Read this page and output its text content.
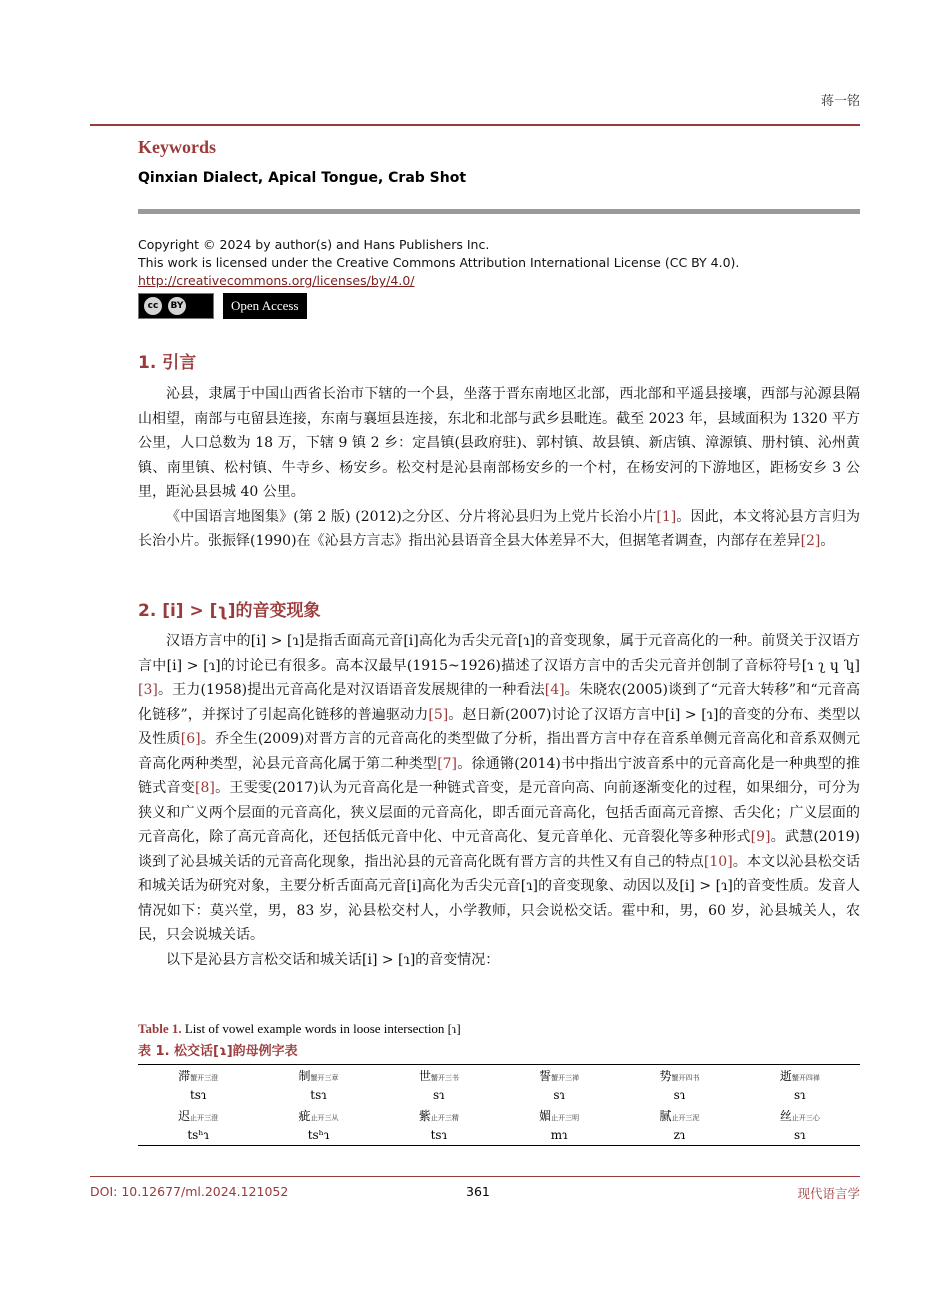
蒋一铭
Keywords
Qinxian Dialect, Apical Tongue, Crab Shot
Copyright © 2024 by author(s) and Hans Publishers Inc.
This work is licensed under the Creative Commons Attribution International License (CC BY 4.0).
http://creativecommons.org/licenses/by/4.0/
cc	BY	Open Access
1. 引言

沁县，隶属于中国山西省长治市下辖的一个县，坐落于晋东南地区北部，西北部和平遥县接壤，西部与沁源县隔山相望，南部与屯留县连接，东南与襄垣县连接，东北和北部与武乡县毗连。截至 2023 年，县域面积为 1320 平方公里，人口总数为 18 万，下辖 9 镇 2 乡：定昌镇(县政府驻)、郭村镇、故县镇、新店镇、漳源镇、册村镇、沁州黄镇、南里镇、松村镇、牛寺乡、杨安乡。松交村是沁县南部杨安乡的一个村，在杨安河的下游地区，距杨安乡 3 公里，距沁县县城 40 公里。

《中国语言地图集》(第 2 版) (2012)之分区、分片将沁县归为上党片长治小片[1]。因此，本文将沁县方言归为长治小片。张振铎(1990)在《沁县方言志》指出沁县语音全县大体差异不大，但据笔者调查，内部存在差异[2]。

2. [i] > [ʅ]的音变现象

汉语方言中的[i] > [ɿ]是指舌面高元音[i]高化为舌尖元音[ɿ]的音变现象，属于元音高化的一种。前贤关于汉语方言中[i] > [ɿ]的讨论已有很多。高本汉最早(1915~1926)描述了汉语方言中的舌尖元音并创制了音标符号[ɿ ʅ ɥ ʮ] [3]。王力(1958)提出元音高化是对汉语语音发展规律的一种看法[4]。朱晓农(2005)谈到了“元音大转移”和“元音高化链移”，并探讨了引起高化链移的普遍驱动力[5]。赵日新(2007)讨论了汉语方言中[i] > [ɿ]的音变的分布、类型以及性质[6]。乔全生(2009)对晋方言的元音高化的类型做了分析，指出晋方言中存在音系单侧元音高化和音系双侧元音高化两种类型，沁县元音高化属于第二种类型[7]。徐通锵(2014)书中指出宁波音系中的元音高化是一种典型的推链式音变[8]。王雯雯(2017)认为元音高化是一种链式音变，是元音向高、向前逐渐变化的过程，如果细分，可分为狭义和广义两个层面的元音高化，狭义层面的元音高化，即舌面元音高化，包括舌面高元音擦、舌尖化；广义层面的元音高化，除了高元音高化，还包括低元音中化、中元音高化、复元音单化、元音裂化等多种形式[9]。武慧(2019)谈到了沁县城关话的元音高化现象，指出沁县的元音高化既有晋方言的共性又有自己的特点[10]。本文以沁县松交话和城关话为研究对象，主要分析舌面高元音[i]高化为舌尖元音[ɿ]的音变现象、动因以及[i] > [ɿ]的音变性质。发音人情况如下：莫兴堂，男，83 岁，沁县松交村人，小学教师，只会说松交话。霍中和，男，60 岁，沁县城关人，农民，只会说城关话。

以下是沁县方言松交话和城关话[i] > [ɿ]的音变情况：

Table 1. List of vowel example words in loose intersection [ɿ]
表 1. 松交话[ɿ]韵母例字表
滞蟹开三澄	制蟹开三章	世蟹开三书	誓蟹开三禅	势蟹开四书	逝蟹开四禅
tsɿ	tsɿ	sɿ	sɿ	sɿ	sɿ
迟止开三澄	疵止开三从	紫止开三精	媚止开三明	腻止开三泥	丝止开三心
tsʰɿ	tsʰɿ	tsɿ	mɿ	zɿ	sɿ
DOI: 10.12677/ml.2024.121052	361	现代语言学
